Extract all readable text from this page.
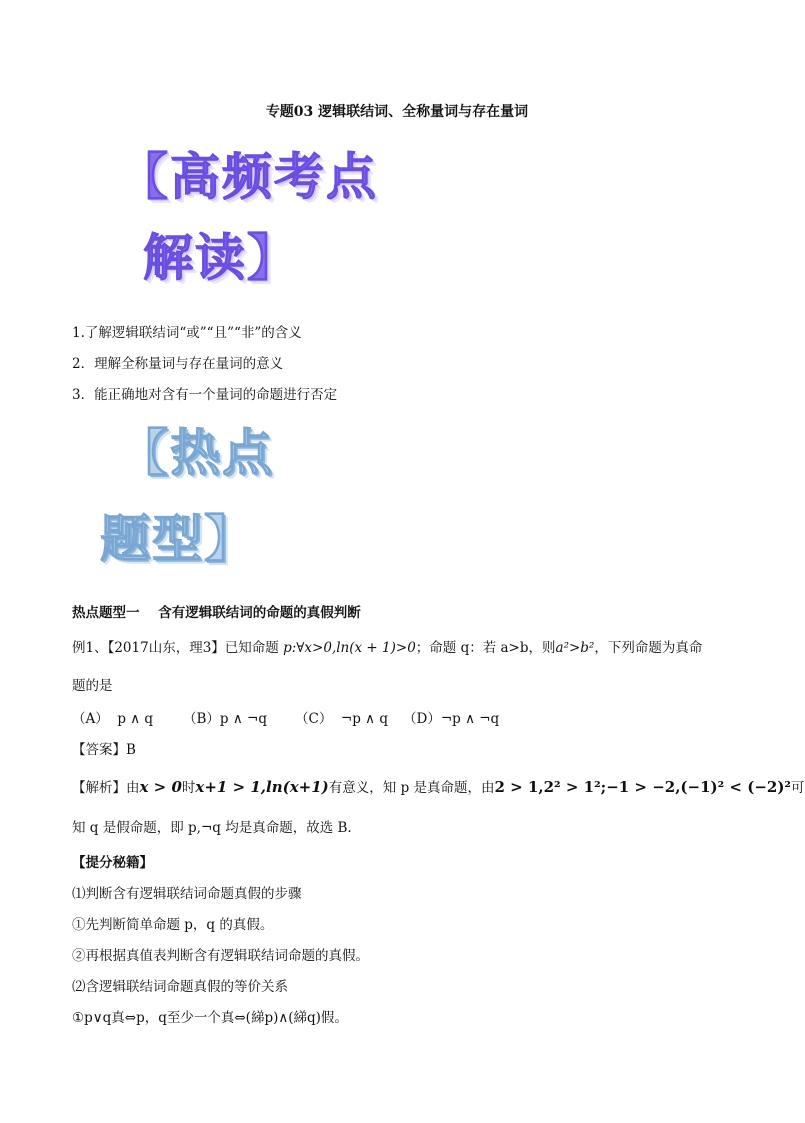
专题03 逻辑联结词、全称量词与存在量词
【高频考点
解读】
1.了解逻辑联结词“或”“且”“非”的含义
2．理解全称量词与存在量词的意义
3．能正确地对含有一个量词的命题进行否定
【热点
题型】
热点题型一    含有逻辑联结词的命题的真假判断
例1、【2017山东，理3】已知命题 p:∀x>0,ln(x + 1)>0；命题 q：若 a>b，则a²>b²，下列命题为真命
题的是
（A）  p ∧ q （B）p ∧ ¬q （C）  ¬p ∧ q （D）¬p ∧ ¬q
【答案】B
【解析】由x > 0时x+1 > 1,ln(x+1)有意义，知 p 是真命题，由2 > 1,2² > 1²;−1 > −2,(−1)² < (−2)²可
知 q 是假命题，即 p,¬q 均是真命题，故选 B.
【提分秘籍】
⑴判断含有逻辑联结词命题真假的步骤
①先判断简单命题 p，q 的真假。
②再根据真值表判断含有逻辑联结词命题的真假。
⑵含逻辑联结词命题真假的等价关系
①p∨q真⇔p，q至少一个真⇔(綈p)∧(綈q)假。
